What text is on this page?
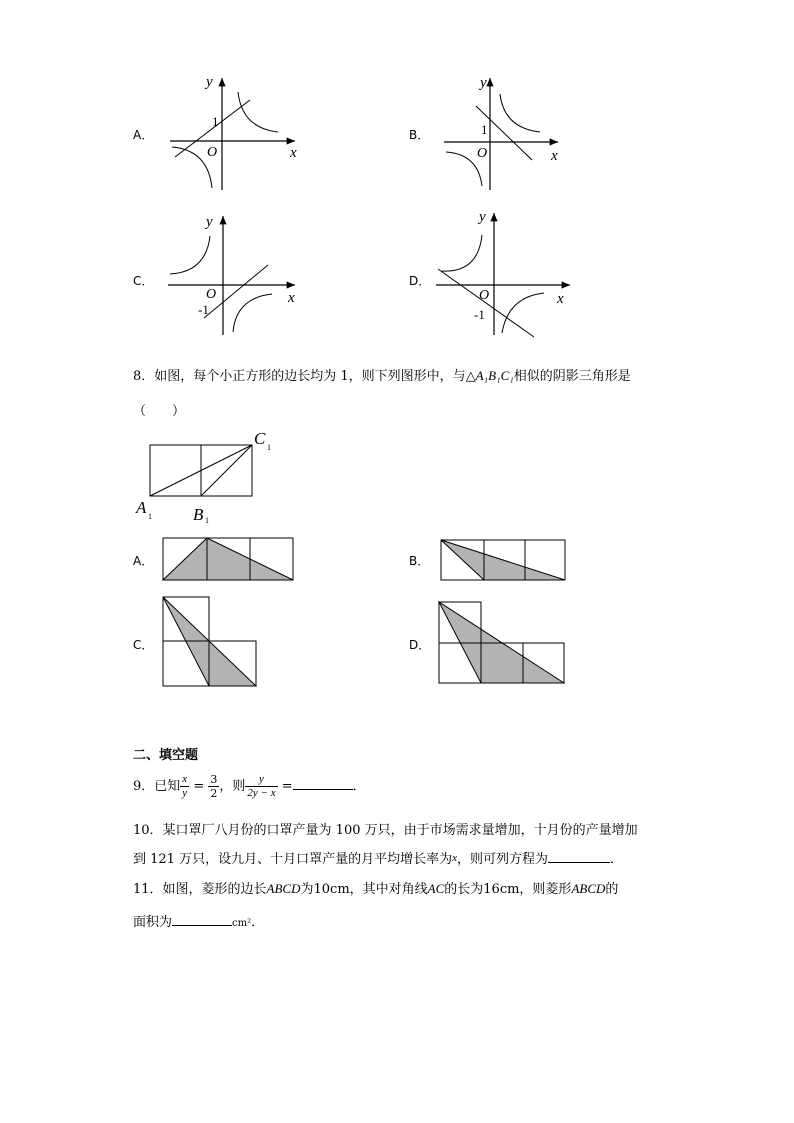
A．
y
x
O
1
B．
y
x
O
1
C．
y
x
O
-1
D．
y
x
O
-1
8．如图，每个小正方形的边长均为 1，则下列图形中，与△A₁B₁C₁相似的阴影三角形是
（　　）
A 1 B 1
C 1
A．	B．
C．	D．
二、填空题
9．已知 $\frac{x}{y} = \frac{3}{2}$ ，则 $\frac{y}{2y - x}$ =	．
10．某口罩厂八月份的口罩产量为 100 万只，由于市场需求量增加，十月份的产量增加
到 121 万只，设九月、十月口罩产量的月平均增长率为x，则可列方程为	．
11．如图，菱形的边长ABCD为10cm，其中对角线AC的长为16cm，则菱形ABCD的
面积为	cm²．
